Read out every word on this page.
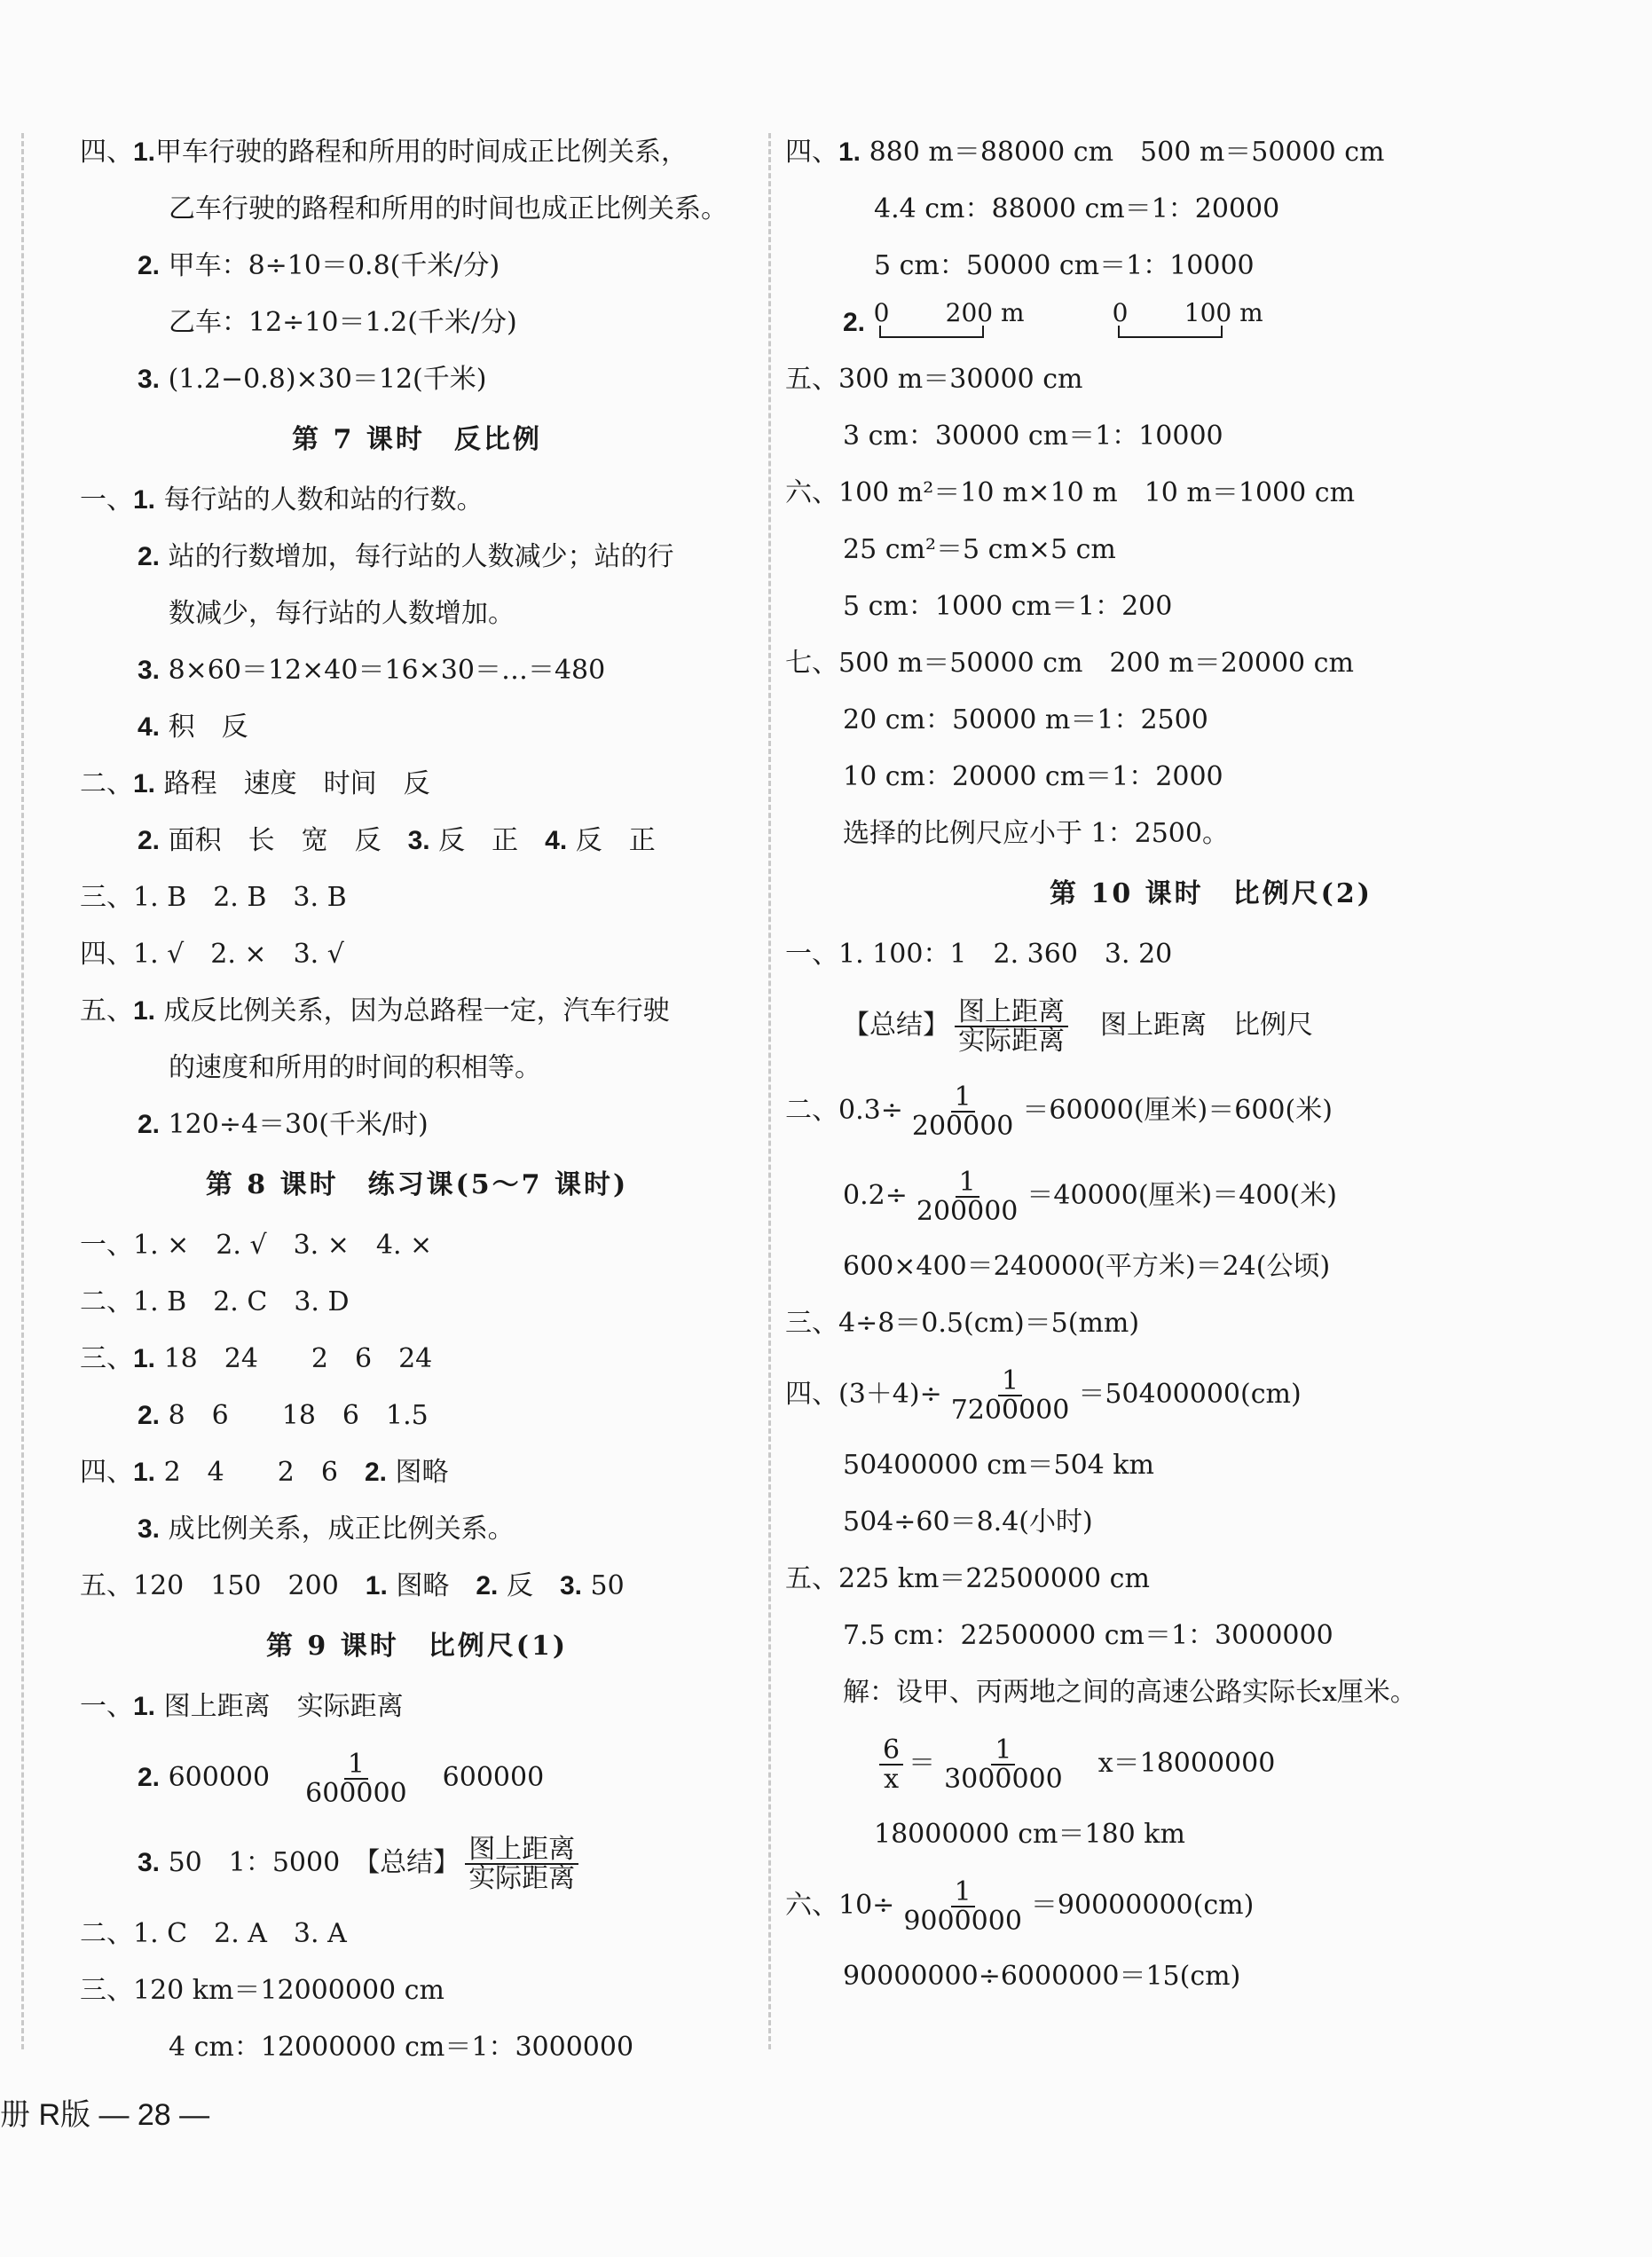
四、1.甲车行驶的路程和所用的时间成正比例关系，
乙车行驶的路程和所用的时间也成正比例关系。
2. 甲车：8÷10＝0.8(千米/分)
乙车：12÷10＝1.2(千米/分)
3. (1.2−0.8)×30＝12(千米)
第 7 课时　反比例
一、1. 每行站的人数和站的行数。
2. 站的行数增加，每行站的人数减少；站的行
数减少，每行站的人数增加。
3. 8×60＝12×40＝16×30＝…＝480
4. 积　反
二、1. 路程　速度　时间　反
2. 面积　长　宽　反　 3. 反　正　 4. 反　正
三、1. B　2. B　3. B
四、1. √　2. ×　3. √
五、1. 成反比例关系，因为总路程一定，汽车行驶
的速度和所用的时间的积相等。
2. 120÷4＝30(千米/时)
第 8 课时　练习课(5～7 课时)
一、1. ×　2. √　3. ×　4. ×
二、1. B　2. C　3. D
三、1. 18　24　　2　6　24
2. 8　6　　18　6　1.5
四、1. 2　4　　2　6　 2. 图略
3. 成比例关系，成正比例关系。
五、120　150　200　 1. 图略　 2. 反　 3. 50
第 9 课时　比例尺(1)
一、1. 图上距离　实际距离
2. 600000　 $\frac{1}{600000}$
　 600000
3. 50　1：5000　 【总结】 $\frac{\text{图上距离}}{\text{实际距离}}$
二、1. C　2. A　3. A
三、120 km＝12000000 cm
4 cm：12000000 cm＝1：3000000
四、1. 880 m＝88000 cm　500 m＝50000 cm
4.4 cm：88000 cm＝1：20000
5 cm：50000 cm＝1：10000
2. 0 200 m
	0 100 m
五、300 m＝30000 cm
3 cm：30000 cm＝1：10000
六、100 m²＝10 m×10 m　10 m＝1000 cm
25 cm²＝5 cm×5 cm
5 cm：1000 cm＝1：200
七、500 m＝50000 cm　200 m＝20000 cm
20 cm：50000 m＝1：2500
10 cm：20000 cm＝1：2000
选择的比例尺应小于 1：2500。
第 10 课时　比例尺(2)
一、1. 100：1　2. 360　3. 20
【总结】 $\frac{\text{图上距离}}{\text{实际距离}}$
　 图上距离　比例尺
二、$0.3\div \frac{1}{200000} =60000$(厘米)＝600(米)
$0.2\div \frac{1}{200000} =40000$(厘米)＝400(米)
600×400＝240000(平方米)＝24(公顷)
三、4÷8＝0.5(cm)＝5(mm)
四、$(3+4)\div \frac{1}{7200000} =50400000(cm)$
50400000 cm＝504 km
504÷60＝8.4(小时)
五、225 km＝22500000 cm
7.5 cm：22500000 cm＝1：3000000
解：设甲、丙两地之间的高速公路实际长x厘米。
$\frac{6}{x} = \frac{1}{3000000}$
　 x＝18000000
18000000 cm＝180 km
六、$10\div \frac{1}{9000000} =90000000(cm)$
90000000÷6000000＝15(cm)
册 R版 — 28 —
